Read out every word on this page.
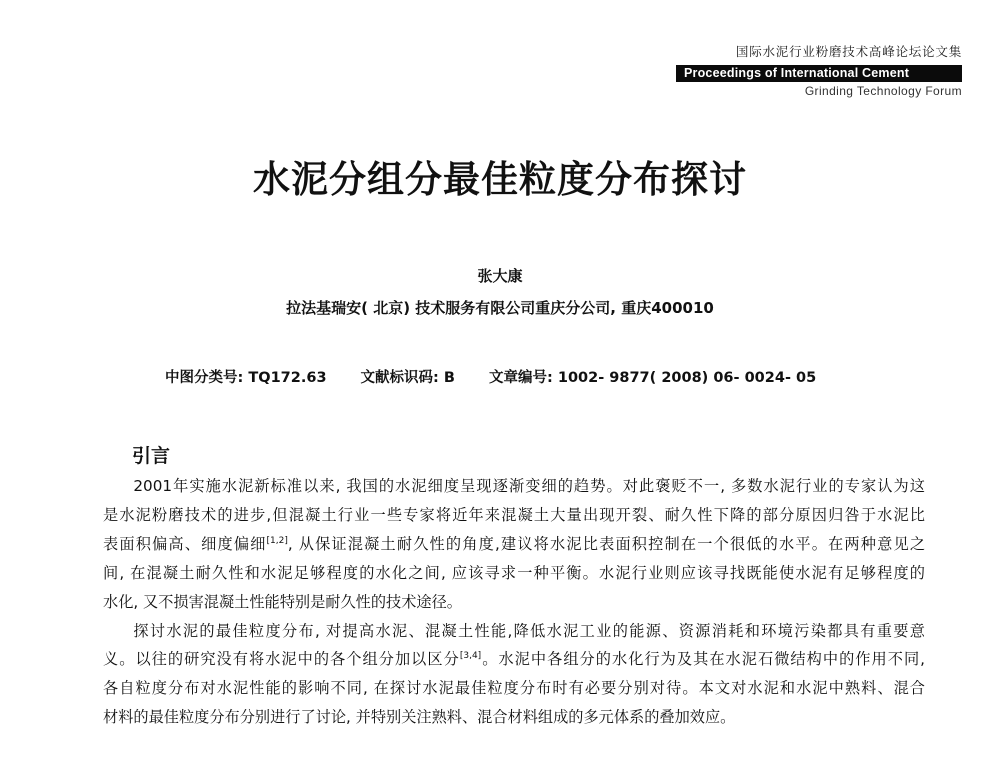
国际水泥行业粉磨技术高峰论坛论文集
Proceedings of International Cement
Grinding Technology Forum
水泥分组分最佳粒度分布探讨
张大康
拉法基瑞安( 北京) 技术服务有限公司重庆分公司, 重庆400010
中图分类号: TQ172.63 文献标识码: B 文章编号: 1002- 9877( 2008) 06- 0024- 05
引言

2001年实施水泥新标准以来, 我国的水泥细度呈现逐渐变细的趋势。对此褒贬不一, 多数水泥行业的专家认为这
是水泥粉磨技术的进步,但混凝土行业一些专家将近年来混凝土大量出现开裂、耐久性下降的部分原因归咎于水泥比
表面积偏高、细度偏细[1,2], 从保证混凝土耐久性的角度,建议将水泥比表面积控制在一个很低的水平。在两种意见之
间, 在混凝土耐久性和水泥足够程度的水化之间, 应该寻求一种平衡。水泥行业则应该寻找既能使水泥有足够程度的
水化, 又不损害混凝土性能特别是耐久性的技术途径。

探讨水泥的最佳粒度分布, 对提高水泥、混凝土性能,降低水泥工业的能源、资源消耗和环境污染都具有重要意
义。以往的研究没有将水泥中的各个组分加以区分[3,4]。水泥中各组分的水化行为及其在水泥石微结构中的作用不同,
各自粒度分布对水泥性能的影响不同, 在探讨水泥最佳粒度分布时有必要分别对待。本文对水泥和水泥中熟料、混合
材料的最佳粒度分布分别进行了讨论, 并特别关注熟料、混合材料组成的多元体系的叠加效应。
